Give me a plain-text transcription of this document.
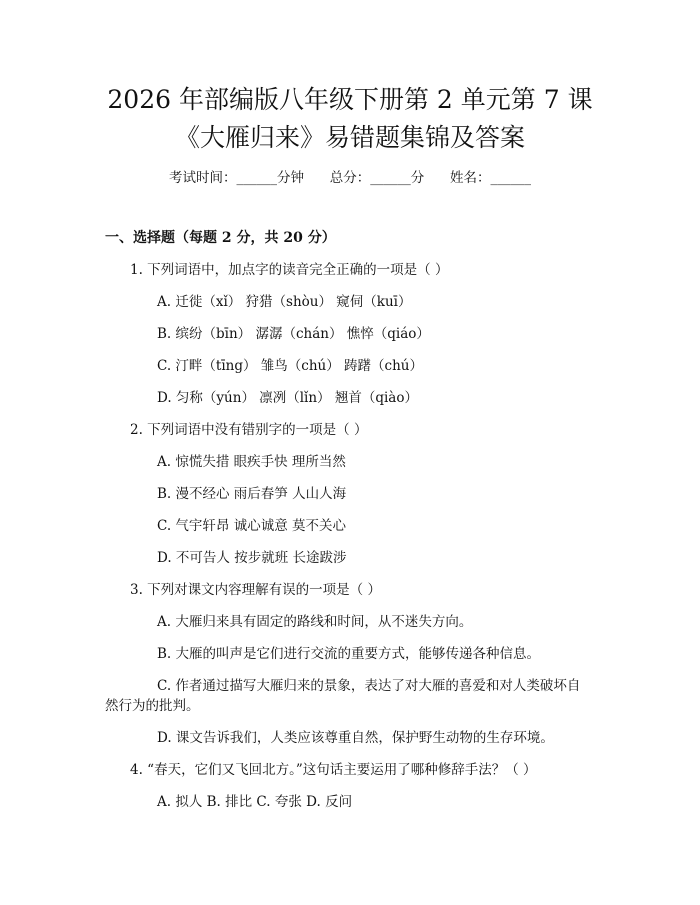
2026 年部编版八年级下册第 2 单元第 7 课
《大雁归来》易错题集锦及答案
考试时间：______分钟      总分：______分      姓名：______
一、选择题（每题 2 分，共 20 分）
1. 下列词语中，加点字的读音完全正确的一项是（ ）
A. 迁徙（xǐ） 狩猎（shòu） 窥伺（kuī）
B. 缤纷（bīn） 潺潺（chán） 憔悴（qiáo）
C. 汀畔（tīng） 雏鸟（chú） 踌躇（chú）
D. 匀称（yún） 凛冽（lǐn） 翘首（qiào）
2. 下列词语中没有错别字的一项是（ ）
A. 惊慌失措 眼疾手快 理所当然
B. 漫不经心 雨后春笋 人山人海
C. 气宇轩昂 诚心诚意 莫不关心
D. 不可告人 按步就班 长途跋涉
3. 下列对课文内容理解有误的一项是（ ）
A. 大雁归来具有固定的路线和时间，从不迷失方向。
B. 大雁的叫声是它们进行交流的重要方式，能够传递各种信息。
C. 作者通过描写大雁归来的景象，表达了对大雁的喜爱和对人类破坏自
然行为的批判。
D. 课文告诉我们，人类应该尊重自然，保护野生动物的生存环境。
4. “春天，它们又飞回北方。”这句话主要运用了哪种修辞手法？（ ）
A. 拟人 B. 排比 C. 夸张 D. 反问
